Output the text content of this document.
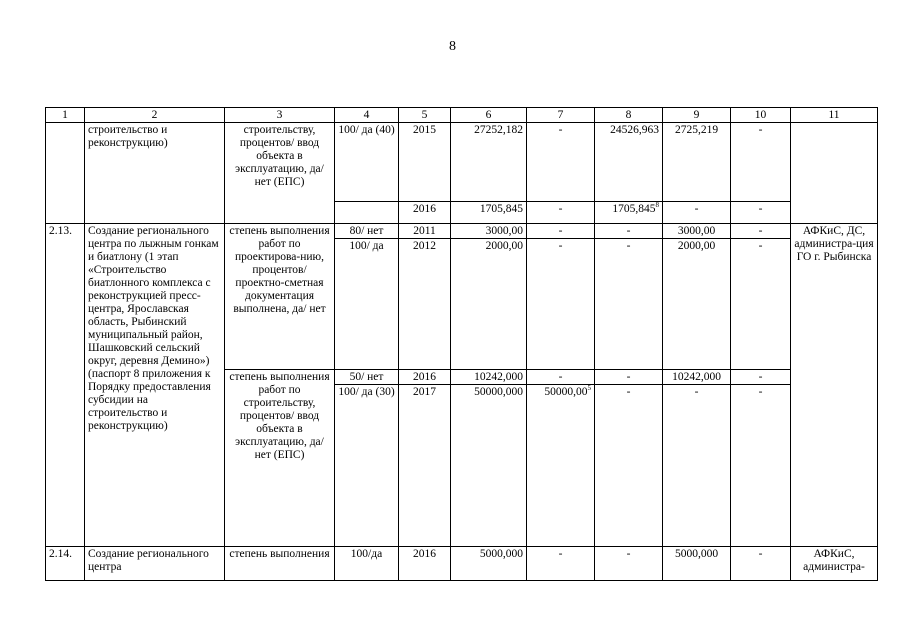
8
1	2	3	4	5	6	7	8	9	10	11
	строительство и реконструкцию)	строительству, процентов/ ввод объекта в эксплуатацию, да/ нет (ЕПС)	100/ да (40)	2015	27252,182	-	24526,963	2725,219	-	
				2016	1705,845	-	1705,845$^8$	-	-	
2.13.	Создание регионального центра по лыжным гонкам и биатлону (1 этап «Строительство биатлонного комплекса с реконструкцией пресс-центра, Ярославская область, Рыбинский муниципальный район, Шашковский сельский округ, деревня Демино») (паспорт 8 приложения к Порядку предоставления субсидии на строительство и реконструкцию)	степень выполнения работ по проектирова-нию, процентов/ проектно-сметная документация выполнена, да/ нет	80/ нет	2011	3000,00	-	-	3000,00	-	АФКиС, ДС, администра-ция ГО г. Рыбинска
			100/ да	2012	2000,00	-	-	2000,00	-	
		степень выполнения работ по строительству, процентов/ ввод объекта в эксплуатацию, да/ нет (ЕПС)	50/ нет	2016	10242,000	-	-	10242,000	-	
			100/ да (30)	2017	50000,000	50000,00$^5$	-	-	-	
2.14.	Создание регионального центра	степень выполнения	100/да	2016	5000,000	-	-	5000,000	-	АФКиС, администра-
